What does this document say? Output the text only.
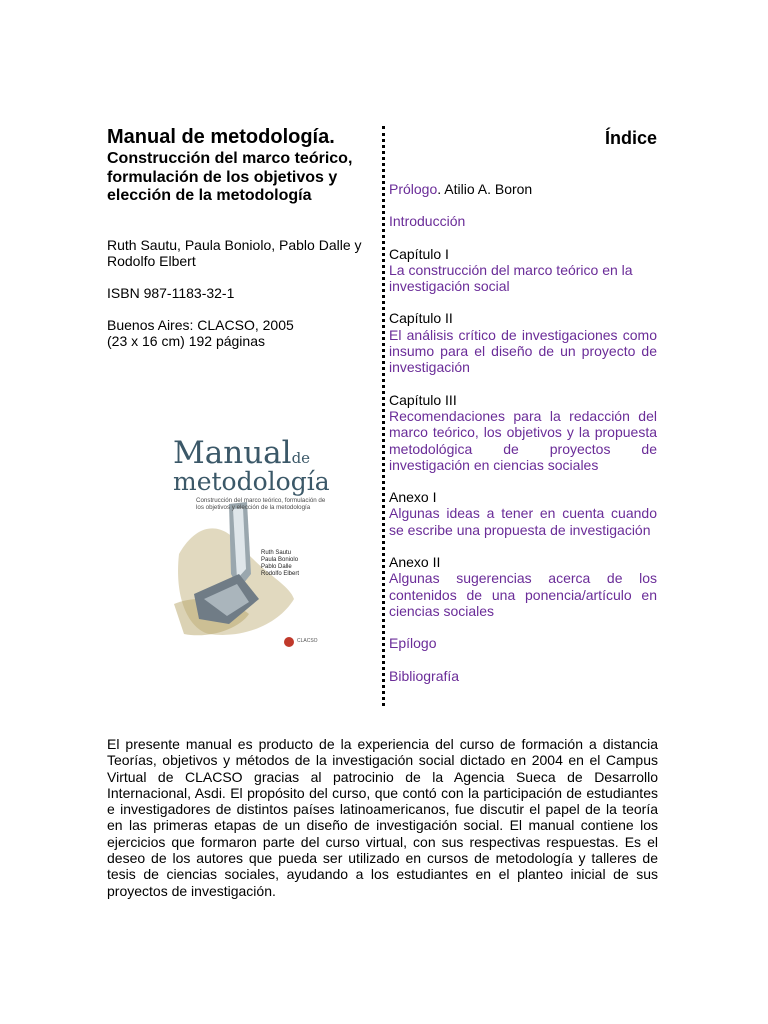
Manual de metodología.
Construcción del marco teórico, formulación de los objetivos y elección de la metodología
Ruth Sautu, Paula Boniolo, Pablo Dalle y Rodolfo Elbert
ISBN 987-1183-32-1
Buenos Aires: CLACSO, 2005
(23 x 16 cm) 192 páginas
Manualde
metodología
Construcción del marco teórico, formulación de los objetivos y elección de la metodología
Ruth Sautu
Paula Boniolo
Pablo Dalle
Rodolfo Elbert
CLACSO
Índice
Prólogo. Atilio A. Boron
Introducción
Capítulo I
La construcción del marco teórico en la investigación social
Capítulo II
El análisis crítico de investigaciones como insumo para el diseño de un proyecto de investigación
Capítulo III
Recomendaciones para la redacción del marco teórico, los objetivos y la propuesta metodológica de proyectos de investigación en ciencias sociales
Anexo I
Algunas ideas a tener en cuenta cuando se escribe una propuesta de investigación
Anexo II
Algunas sugerencias acerca de los contenidos de una ponencia/artículo en ciencias sociales
Epílogo
Bibliografía

El presente manual es producto de la experiencia del curso de formación a distancia Teorías, objetivos y métodos de la investigación social dictado en 2004 en el Campus Virtual de CLACSO gracias al patrocinio de la Agencia Sueca de Desarrollo Internacional, Asdi. El propósito del curso, que contó con la participación de estudiantes e investigadores de distintos países latinoamericanos, fue discutir el papel de la teoría en las primeras etapas de un diseño de investigación social. El manual contiene los ejercicios que formaron parte del curso virtual, con sus respectivas respuestas. Es el deseo de los autores que pueda ser utilizado en cursos de metodología y talleres de tesis de ciencias sociales, ayudando a los estudiantes en el planteo inicial de sus proyectos de investigación.
